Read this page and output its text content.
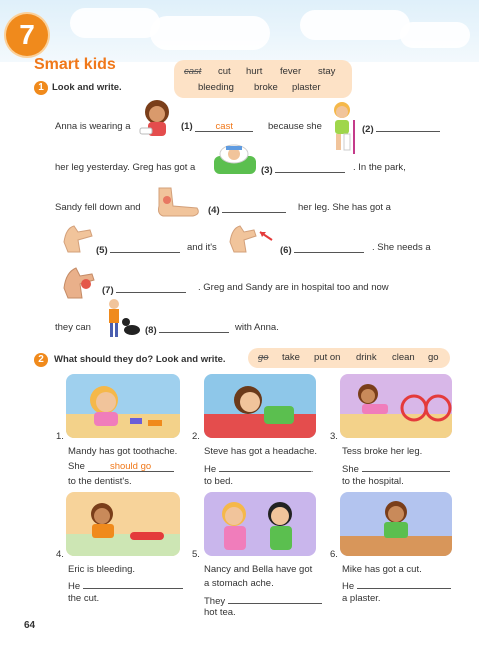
7
Smart kids
1 Look and write.
cast cut hurt fever stay
bleeding broke plaster
Anna is wearing a	(1) cast	because she	(2)
her leg yesterday. Greg has got a	(3)	. In the park,
Sandy fell down and	(4)	her leg. She has got a
(5)	and it's	(6)	. She needs a
(7)	. Greg and Sandy are in hospital too and now
they can	(8)	with Anna.
2	What should they do? Look and write.	go take put on drink clean go
1.
Mandy has got toothache.
She	should go
to the dentist's.
2.
Steve has got a headache.
He	.
to bed.
3.
Tess broke her leg.
She
to the hospital.
4.
Eric is bleeding.
He
the cut.
5.
Nancy and Bella have got
a stomach ache.
They
hot tea.
6.
Mike has got a cut.
He
a plaster.
64
